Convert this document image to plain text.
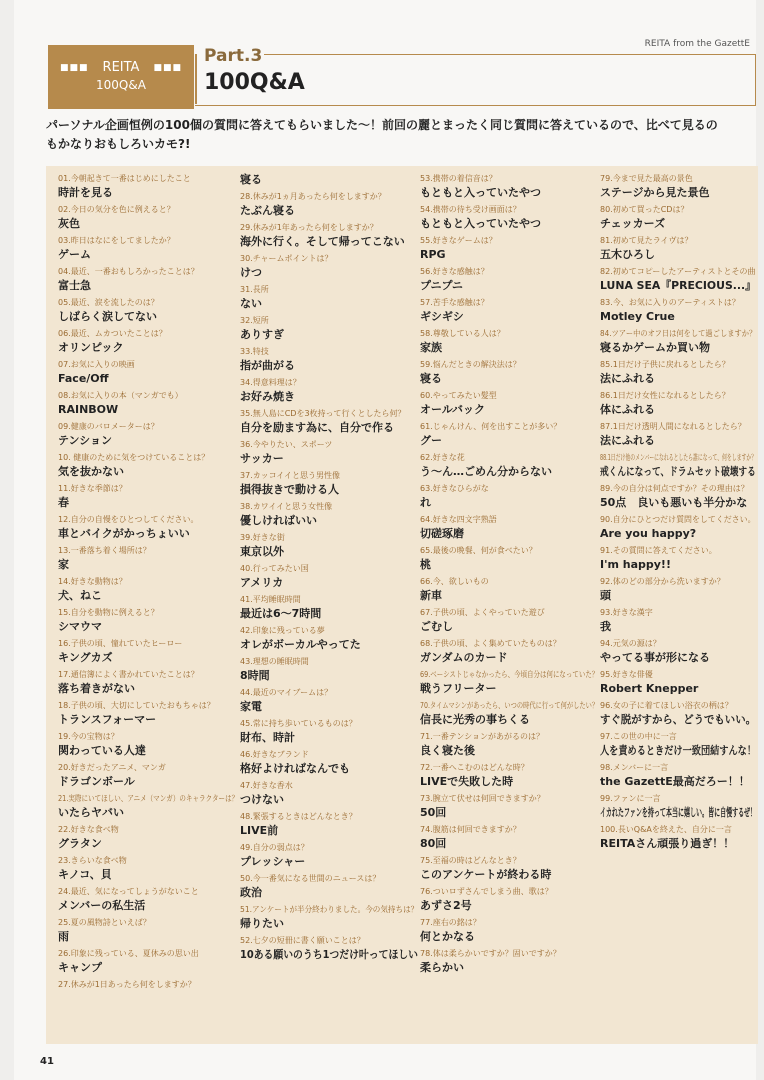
■■■	■■■
REITA
100Q&A
Part.3
100Q&A
REITA from the GazettE
パーソナル企画恒例の100個の質問に答えてもらいました～！前回の麗とまったく同じ質問に答えているので、比べて見るのもかなりおもしろいカモ?!
01.今朝起きて一番はじめにしたこと
時計を見る
02.今日の気分を色に例えると？
灰色
03.昨日はなにをしてましたか？
ゲーム
04.最近、一番おもしろかったことは？
富士急
05.最近、涙を流したのは？
しばらく涙してない
06.最近、ムカついたことは？
オリンピック
07.お気に入りの映画
Face/Off
08.お気に入りの本（マンガでも）
RAINBOW
09.健康のバロメーターは？
テンション
10. 健康のために気をつけていることは？
気を抜かない
11.好きな季節は？
春
12.自分の自慢をひとつしてください。
車とバイクがかっちょいい
13.一番落ち着く場所は？
家
14.好きな動物は？
犬、ねこ
15.自分を動物に例えると？
シマウマ
16.子供の頃、憧れていたヒーロー
キングカズ
17.通信簿によく書かれていたことは？
落ち着きがない
18.子供の頃、大切にしていたおもちゃは？
トランスフォーマー
19.今の宝物は？
関わっている人達
20.好きだったアニメ、マンガ
ドラゴンボール
21.実際にいてほしい、アニメ（マンガ）のキャラクターは？
いたらヤバい
22.好きな食べ物
グラタン
23.きらいな食べ物
キノコ、貝
24.最近、気になってしょうがないこと
メンバーの私生活
25.夏の風物詩といえば？
雨
26.印象に残っている、夏休みの思い出
キャンプ
27.休みが1日あったら何をしますか？
寝る
28.休みが1ヵ月あったら何をしますか？
たぶん寝る
29.休みが1年あったら何をしますか？
海外に行く。そして帰ってこない
30.チャームポイントは？
けつ
31.長所
ない
32.短所
ありすぎ
33.特技
指が曲がる
34.得意料理は？
お好み焼き
35.無人島にCDを3枚持って行くとしたら何？
自分を励ます為に、自分で作る
36.今やりたい、スポーツ
サッカー
37.カッコイイと思う男性像
損得抜きで動ける人
38.カワイイと思う女性像
優しければいい
39.好きな街
東京以外
40.行ってみたい国
アメリカ
41.平均睡眠時間
最近は6～7時間
42.印象に残っている夢
オレがボーカルやってた
43.理想の睡眠時間
8時間
44.最近のマイブームは？
家電
45.常に持ち歩いているものは？
財布、時計
46.好きなブランド
格好よければなんでも
47.好きな香水
つけない
48.緊張するときはどんなとき？
LIVE前
49.自分の弱点は？
プレッシャー
50.今一番気になる世間のニュースは？
政治
51.アンケートが半分終わりました。今の気持ちは？
帰りたい
52.七夕の短冊に書く願いことは？
10ある願いのうち1つだけ叶ってほしい
53.携帯の着信音は？
もともと入っていたやつ
54.携帯の待ち受け画面は？
もともと入っていたやつ
55.好きなゲームは？
RPG
56.好きな感触は？
プニプニ
57.苦手な感触は？
ギシギシ
58.尊敬している人は？
家族
59.悩んだときの解決法は？
寝る
60.やってみたい髪型
オールバック
61.じゃんけん、何を出すことが多い？
グー
62.好きな花
う～ん…ごめん分からない
63.好きなひらがな
れ
64.好きな四文字熟語
切磋琢磨
65.最後の晩餐、何が食べたい？
桃
66.今、欲しいもの
新車
67.子供の頃、よくやっていた遊び
ごむし
68.子供の頃、よく集めていたものは？
ガンダムのカード
69.ベーシストじゃなかったら、今頃自分は何になっていた？
戦うフリーター
70.タイムマシンがあったら、いつの時代に行って何がしたい？
信長に光秀の事ちくる
71.一番テンションがあがるのは？
良く寝た後
72.一番へこむのはどんな時？
LIVEで失敗した時
73.腕立て伏せは何回できますか？
50回
74.腹筋は何回できますか？
80回
75.至福の時はどんなとき？
このアンケートが終わる時
76.ついロずさんでしまう曲、歌は？
あずさ2号
77.座右の銘は？
何とかなる
78.体は柔らかいですか？固いですか？
柔らかい
79.今まで見た最高の景色
ステージから見た景色
80.初めて買ったCDは？
チェッカーズ
81.初めて見たライヴは？
五木ひろし
82.初めてコピーしたアーティストとその曲
LUNA SEA『PRECIOUS...』
83.今、お気に入りのアーティストは？
Motley Crue
84.ツアー中のオフ日は何をして過ごしますか？
寝るかゲームか買い物
85.1日だけ子供に戻れるとしたら？
法にふれる
86.1日だけ女性になれるとしたら？
体にふれる
87.1日だけ透明人間になれるとしたら？
法にふれる
88.1日だけ他のメンバーになれるとしたら誰になって、何をしますか？
戒くんになって、ドラムセット破壊する
89.今の自分は何点ですか？その理由は？
50点　良いも悪いも半分かな
90.自分にひとつだけ質問をしてください。
Are you happy?
91.その質問に答えてください。
I'm happy!!
92.体のどの部分から洗いますか？
頭
93.好きな漢字
我
94.元気の源は？
やってる事が形になる
95.好きな俳優
Robert Knepper
96.女の子に着てほしい浴衣の柄は？
すぐ脱がすから、どうでもいい。
97.この世の中に一言
人を責めるときだけ一致団結すんな！
98.メンバーに一言
the GazettE最高だろー！！
99.ファンに一言
イカれたファンを持って本当に嬉しい。皆に自慢するぜ！
100.長いQ&Aを終えた、自分に一言
REITAさん頑張り過ぎ！！
41
